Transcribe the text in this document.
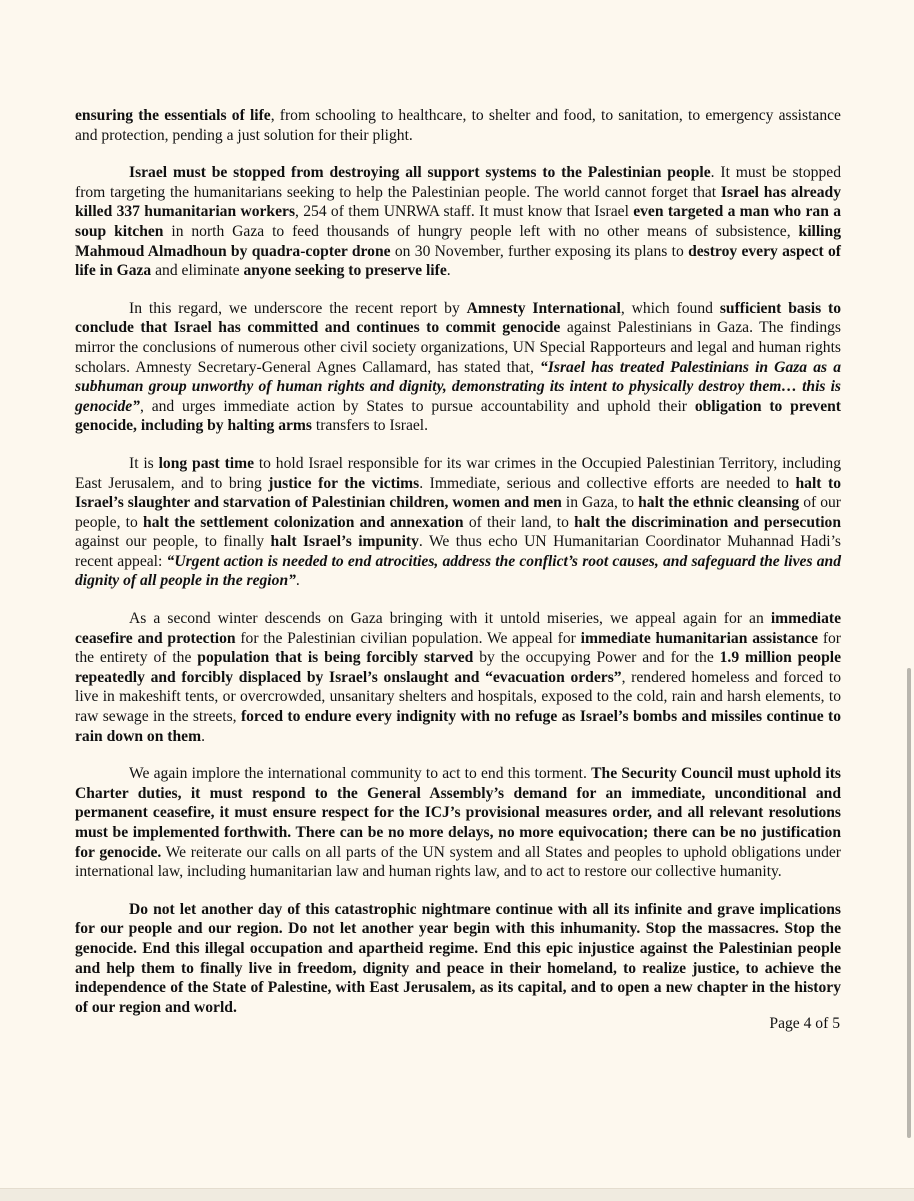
ensuring the essentials of life, from schooling to healthcare, to shelter and food, to sanitation, to emergency assistance and protection, pending a just solution for their plight.

Israel must be stopped from destroying all support systems to the Palestinian people. It must be stopped from targeting the humanitarians seeking to help the Palestinian people. The world cannot forget that Israel has already killed 337 humanitarian workers, 254 of them UNRWA staff. It must know that Israel even targeted a man who ran a soup kitchen in north Gaza to feed thousands of hungry people left with no other means of subsistence, killing Mahmoud Almadhoun by quadra-copter drone on 30 November, further exposing its plans to destroy every aspect of life in Gaza and eliminate anyone seeking to preserve life.

In this regard, we underscore the recent report by Amnesty International, which found sufficient basis to conclude that Israel has committed and continues to commit genocide against Palestinians in Gaza. The findings mirror the conclusions of numerous other civil society organizations, UN Special Rapporteurs and legal and human rights scholars. Amnesty Secretary-General Agnes Callamard, has stated that, “Israel has treated Palestinians in Gaza as a subhuman group unworthy of human rights and dignity, demonstrating its intent to physically destroy them… this is genocide”, and urges immediate action by States to pursue accountability and uphold their obligation to prevent genocide, including by halting arms transfers to Israel.

It is long past time to hold Israel responsible for its war crimes in the Occupied Palestinian Territory, including East Jerusalem, and to bring justice for the victims. Immediate, serious and collective efforts are needed to halt to Israel’s slaughter and starvation of Palestinian children, women and men in Gaza, to halt the ethnic cleansing of our people, to halt the settlement colonization and annexation of their land, to halt the discrimination and persecution against our people, to finally halt Israel’s impunity. We thus echo UN Humanitarian Coordinator Muhannad Hadi’s recent appeal: “Urgent action is needed to end atrocities, address the conflict’s root causes, and safeguard the lives and dignity of all people in the region”.

As a second winter descends on Gaza bringing with it untold miseries, we appeal again for an immediate ceasefire and protection for the Palestinian civilian population. We appeal for immediate humanitarian assistance for the entirety of the population that is being forcibly starved by the occupying Power and for the 1.9 million people repeatedly and forcibly displaced by Israel’s onslaught and “evacuation orders”, rendered homeless and forced to live in makeshift tents, or overcrowded, unsanitary shelters and hospitals, exposed to the cold, rain and harsh elements, to raw sewage in the streets, forced to endure every indignity with no refuge as Israel’s bombs and missiles continue to rain down on them.

We again implore the international community to act to end this torment. The Security Council must uphold its Charter duties, it must respond to the General Assembly’s demand for an immediate, unconditional and permanent ceasefire, it must ensure respect for the ICJ’s provisional measures order, and all relevant resolutions must be implemented forthwith. There can be no more delays, no more equivocation; there can be no justification for genocide. We reiterate our calls on all parts of the UN system and all States and peoples to uphold obligations under international law, including humanitarian law and human rights law, and to act to restore our collective humanity.

Do not let another day of this catastrophic nightmare continue with all its infinite and grave implications for our people and our region. Do not let another year begin with this inhumanity. Stop the massacres. Stop the genocide. End this illegal occupation and apartheid regime. End this epic injustice against the Palestinian people and help them to finally live in freedom, dignity and peace in their homeland, to realize justice, to achieve the independence of the State of Palestine, with East Jerusalem, as its capital, and to open a new chapter in the history of our region and world.

Page 4 of 5
